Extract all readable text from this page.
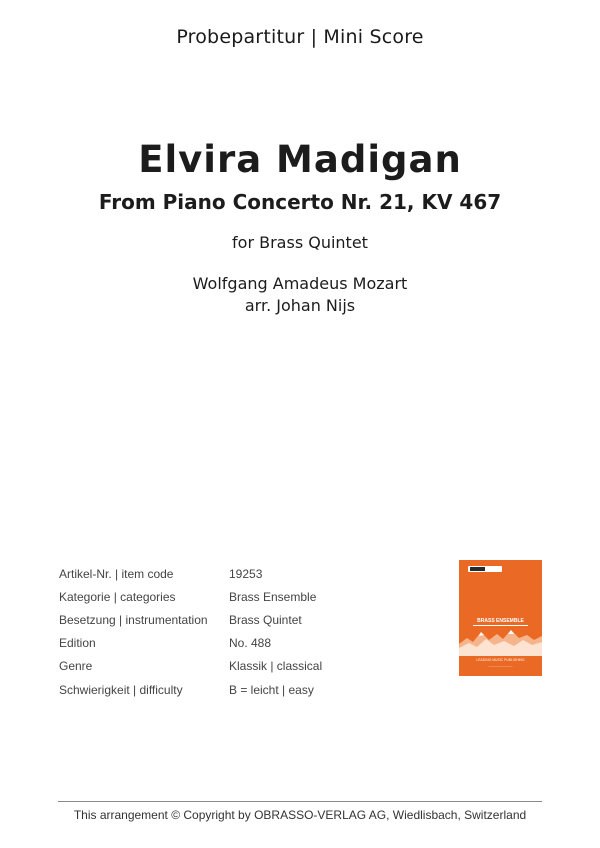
Probepartitur | Mini Score
Elvira Madigan
From Piano Concerto Nr. 21, KV 467
for Brass Quintet
Wolfgang Amadeus Mozart
arr. Johan Nijs
Artikel-Nr. | item code	19253
Kategorie | categories	Brass Ensemble
Besetzung | instrumentation	Brass Quintet
Edition	No. 488
Genre	Klassik | classical
Schwierigkeit | difficulty	B = leicht | easy
BRASS ENSEMBLE
LEADING MUSIC PUBLISHING
————————
This arrangement © Copyright by OBRASSO-VERLAG AG, Wiedlisbach, Switzerland
